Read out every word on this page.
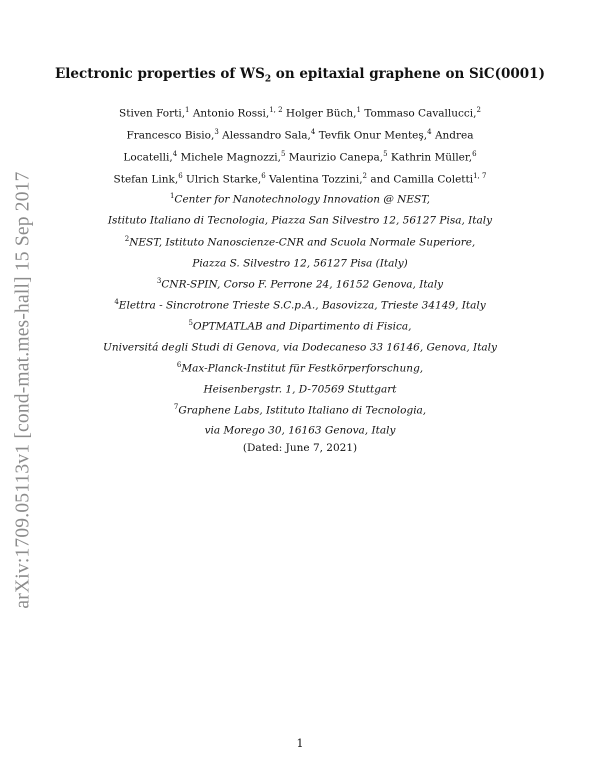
arXiv:1709.05113v1 [cond-mat.mes-hall] 15 Sep 2017
Electronic properties of $WS_2$ on epitaxial graphene on SiC(0001)
Stiven Forti,$^1$ Antonio Rossi,$^{1, 2}$ Holger Büch,$^1$ Tommaso Cavallucci,$^2$
Francesco Bisio,$^3$ Alessandro Sala,$^4$ Tevfik Onur Menteş,$^4$ Andrea
Locatelli,$^4$ Michele Magnozzi,$^5$ Maurizio Canepa,$^5$ Kathrin Müller,$^6$
Stefan Link,$^6$ Ulrich Starke,$^6$ Valentina Tozzini,$^2$ and Camilla Coletti$^{1, 7}$
$^1$Center for Nanotechnology Innovation @ NEST,
Istituto Italiano di Tecnologia, Piazza San Silvestro 12, 56127 Pisa, Italy
$^2$NEST, Istituto Nanoscienze-CNR and Scuola Normale Superiore,
Piazza S. Silvestro 12, 56127 Pisa (Italy)
$^3$CNR-SPIN, Corso F. Perrone 24, 16152 Genova, Italy
$^4$Elettra - Sincrotrone Trieste S.C.p.A., Basovizza, Trieste 34149, Italy
$^5$OPTMATLAB and Dipartimento di Fisica,
Universitá degli Studi di Genova, via Dodecaneso 33 16146, Genova, Italy
$^6$Max-Planck-Institut für Festkörperforschung,
Heisenbergstr. 1, D-70569 Stuttgart
$^7$Graphene Labs, Istituto Italiano di Tecnologia,
via Morego 30, 16163 Genova, Italy
(Dated: June 7, 2021)
1
